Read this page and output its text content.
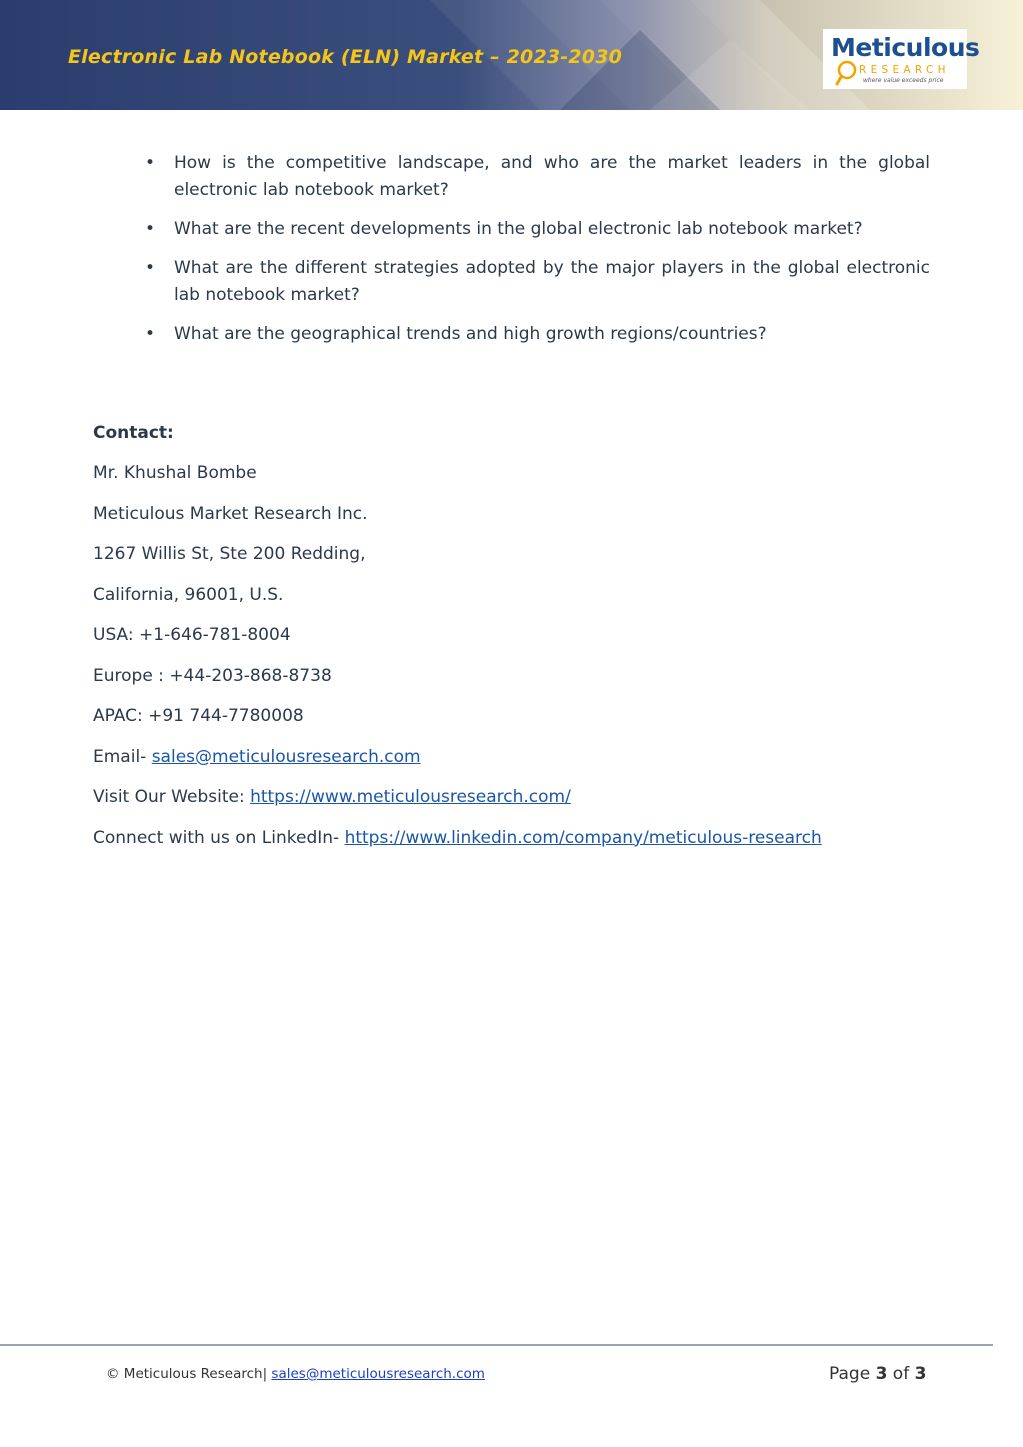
Electronic Lab Notebook (ELN) Market – 2023-2030	Meticulous
RESEARCH
where value exceeds price

•	How is the competitive landscape, and who are the market leaders in the global electronic lab notebook market?

•	What are the recent developments in the global electronic lab notebook market?

•	What are the different strategies adopted by the major players in the global electronic lab notebook market?

•	What are the geographical trends and high growth regions/countries?

Contact:

Mr. Khushal Bombe

Meticulous Market Research Inc.

1267 Willis St, Ste 200 Redding,

California, 96001, U.S.

USA: +1-646-781-8004

Europe : +44-203-868-8738

APAC: +91 744-7780008

Email- sales@meticulousresearch.com

Visit Our Website: https://www.meticulousresearch.com/

Connect with us on LinkedIn- https://www.linkedin.com/company/meticulous-research

© Meticulous Research| sales@meticulousresearch.com	Page 3 of 3
